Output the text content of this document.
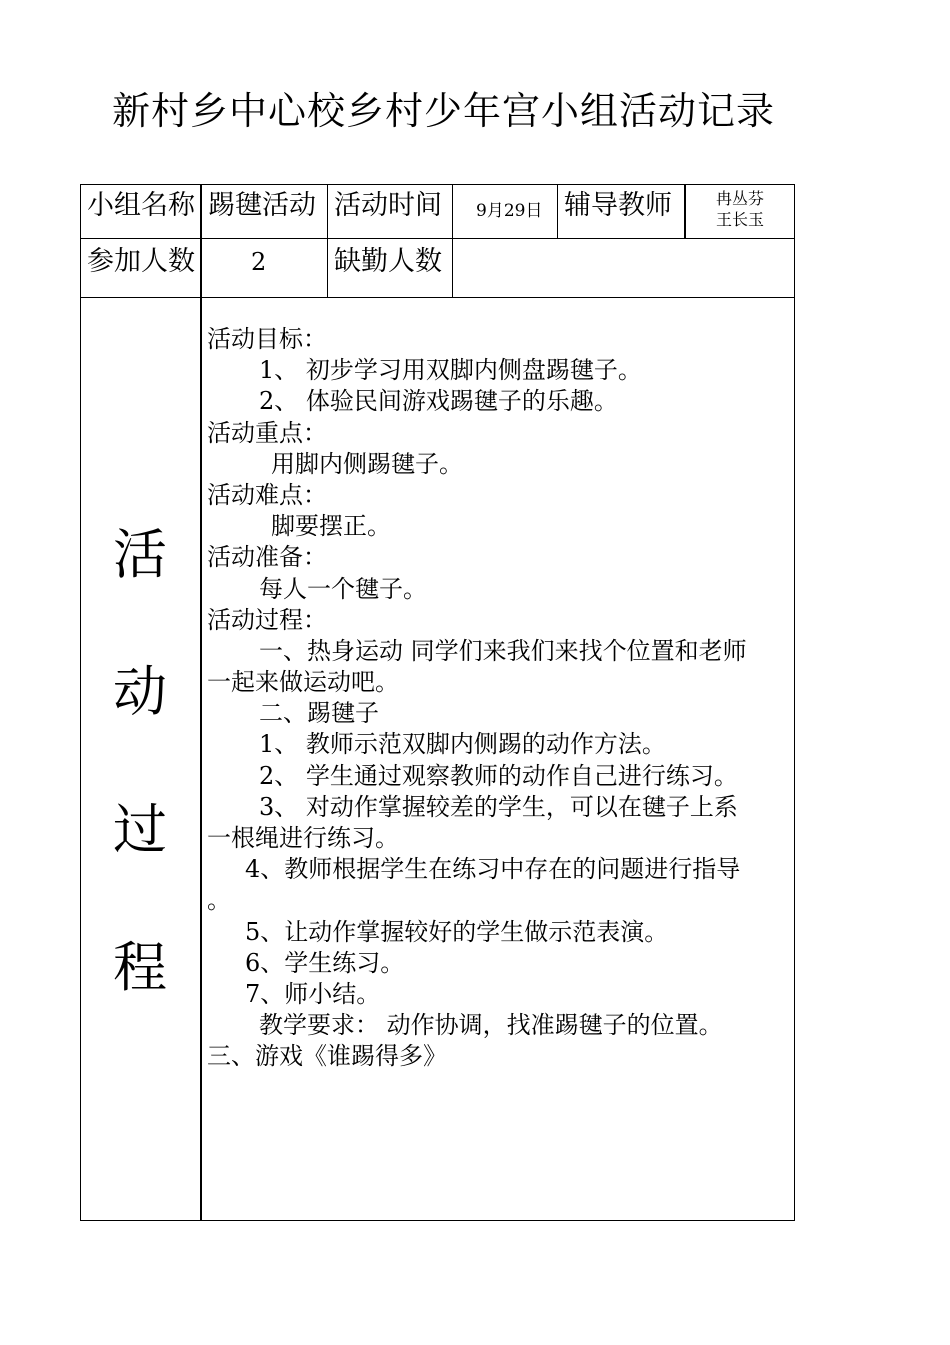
新村乡中心校乡村少年宫小组活动记录
小组名称 踢毽活动 活动时间 9月29日 辅导教师	冉丛芬
王长玉
参加人数 2	缺勤人数
活
动
过
程
活动目标：
1、 初步学习用双脚内侧盘踢毽子。
2、 体验民间游戏踢毽子的乐趣。
活动重点：
用脚内侧踢毽子。
活动难点：
脚要摆正。
活动准备：
每人一个毽子。
活动过程：
一、热身运动 同学们来我们来找个位置和老师
一起来做运动吧。
二、踢毽子
1、 教师示范双脚内侧踢的动作方法。
2、 学生通过观察教师的动作自己进行练习。
3、 对动作掌握较差的学生，可以在毽子上系
一根绳进行练习。
4、教师根据学生在练习中存在的问题进行指导
。
5、让动作掌握较好的学生做示范表演。
6、学生练习。
7、师小结。
教学要求： 动作协调，找准踢毽子的位置。
三、游戏《谁踢得多》
